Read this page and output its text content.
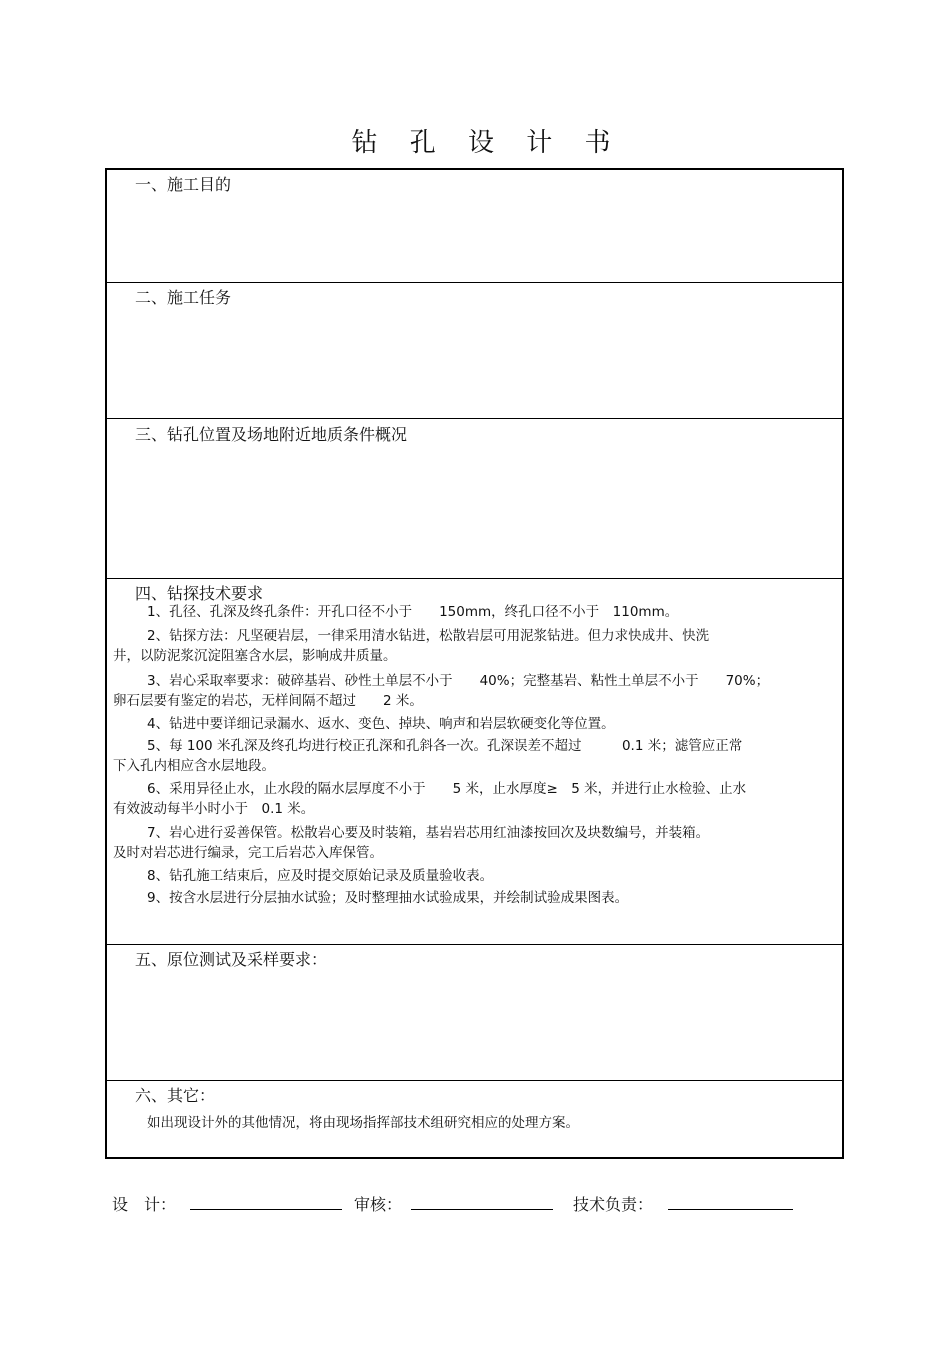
钻 孔 设 计 书
一、施工目的
二、施工任务
三、钻孔位置及场地附近地质条件概况
四、钻探技术要求
1、孔径、孔深及终孔条件：开孔口径不小于　　150mm，终孔口径不小于　110mm。
2、钻探方法：凡坚硬岩层，一律采用清水钻进，松散岩层可用泥浆钻进。但力求快成井、快洗
井，以防泥浆沉淀阻塞含水层，影响成井质量。
3、岩心采取率要求：破碎基岩、砂性土单层不小于　　40%；完整基岩、粘性土单层不小于　　70%；
卵石层要有鉴定的岩芯，无样间隔不超过　　2 米。
4、钻进中要详细记录漏水、返水、变色、掉块、响声和岩层软硬变化等位置。
5、每 100 米孔深及终孔均进行校正孔深和孔斜各一次。孔深误差不超过　　　0.1 米；滤管应正常
下入孔内相应含水层地段。
6、采用异径止水，止水段的隔水层厚度不小于　　5 米，止水厚度≥　5 米，并进行止水检验、止水
有效波动每半小时小于　0.1 米。
7、岩心进行妥善保管。松散岩心要及时装箱，基岩岩芯用红油漆按回次及块数编号，并装箱。
及时对岩芯进行编录，完工后岩芯入库保管。
8、钻孔施工结束后，应及时提交原始记录及质量验收表。
9、按含水层进行分层抽水试验；及时整理抽水试验成果，并绘制试验成果图表。
五、原位测试及采样要求：
六、其它：
如出现设计外的其他情况，将由现场指挥部技术组研究相应的处理方案。
设　计：	审核：	技术负责：
